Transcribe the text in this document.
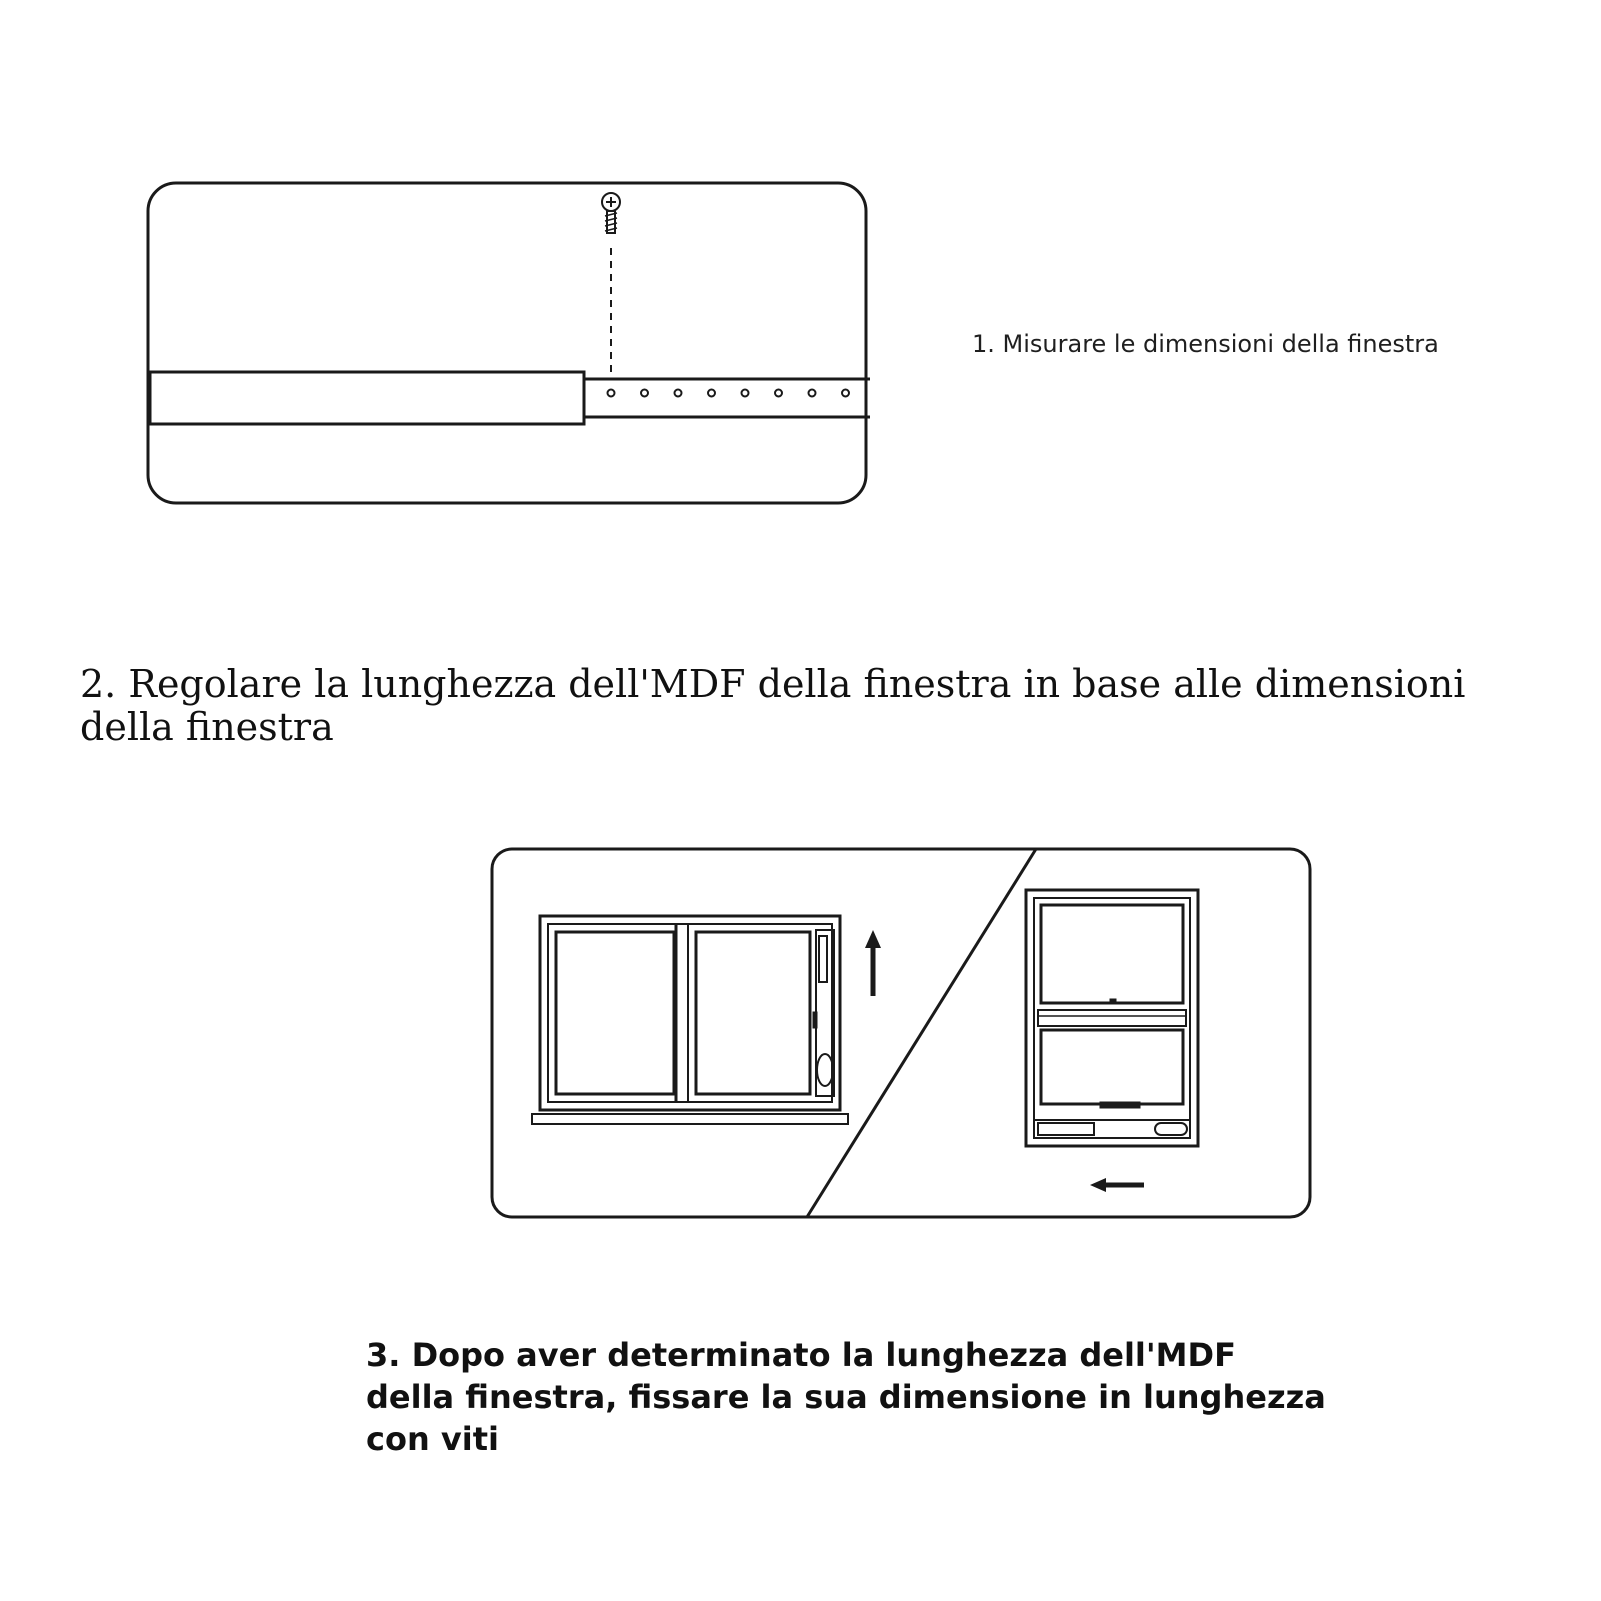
1. Misurare le dimensioni della finestra

2. Regolare la lunghezza dell'MDF della finestra in base alle dimensioni della finestra

3. Dopo aver determinato la lunghezza dell'MDF della finestra, fissare la sua dimensione in lunghezza con viti
